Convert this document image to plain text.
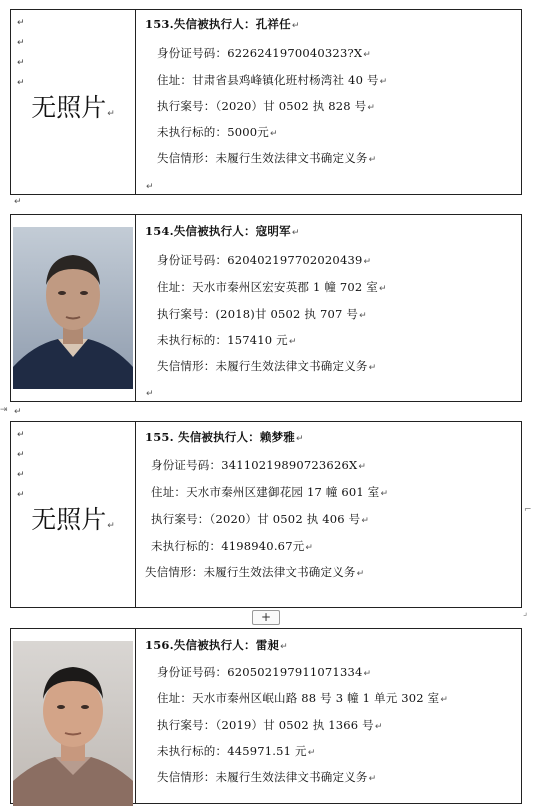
↵
↵
↵
↵
无照片↵
153.失信被执行人：孔祥任↵
身份证号码：6226241970040323?X↵
住址：甘肃省县鸡峰镇化班村杨湾社 40 号↵
执行案号：（2020）甘 0502 执 828 号↵
未执行标的：5000元↵
失信情形：未履行生效法律文书确定义务↵
↵
↵
154.失信被执行人：寇明军↵
身份证号码：620402197702020439↵
住址：天水市秦州区宏安英郡 1 幢 702 室↵
执行案号：(2018)甘 0502 执 707 号↵
未执行标的：157410 元↵
失信情形：未履行生效法律文书确定义务↵
↵
⇥ ↵
↵
↵
↵
↵
无照片↵
155. 失信被执行人：赖梦雅↵
身份证号码：34110219890723626X↵
住址：天水市秦州区建御花园 17 幢 601 室↵
执行案号：（2020）甘 0502 执 406 号↵
未执行标的：4198940.67元↵
失信情形：未履行生效法律文书确定义务↵
+
⌐
⌟
156.失信被执行人：雷昶↵
身份证号码：620502197911071334↵
住址：天水市秦州区岷山路 88 号 3 幢 1 单元 302 室↵
执行案号：（2019）甘 0502 执 1366 号↵
未执行标的：445971.51 元↵
失信情形：未履行生效法律文书确定义务↵
